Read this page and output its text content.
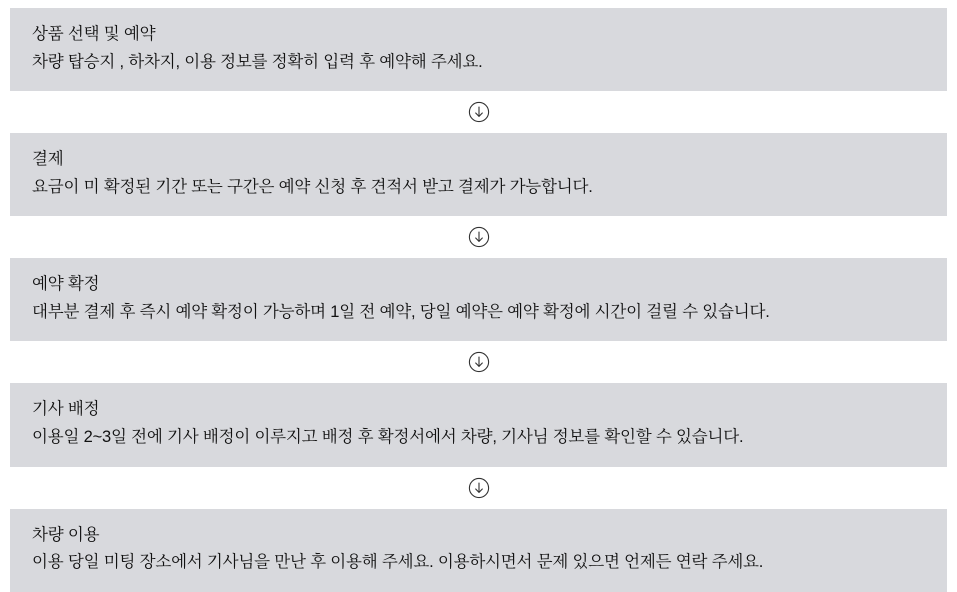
상품 선택 및 예약
차량 탑승지 , 하차지, 이용 정보를 정확히 입력 후 예약해 주세요.
결제
요금이 미 확정된 기간 또는 구간은 예약 신청 후 견적서 받고 결제가 가능합니다.
예약 확정
대부분 결제 후 즉시 예약 확정이 가능하며 1일 전 예약, 당일 예약은 예약 확정에 시간이 걸릴 수 있습니다.
기사 배정
이용일 2~3일 전에 기사 배정이 이루지고 배정 후 확정서에서 차량, 기사님 정보를 확인할 수 있습니다.
차량 이용
이용 당일 미팅 장소에서 기사님을 만난 후 이용해 주세요. 이용하시면서 문제 있으면 언제든 연락 주세요.
